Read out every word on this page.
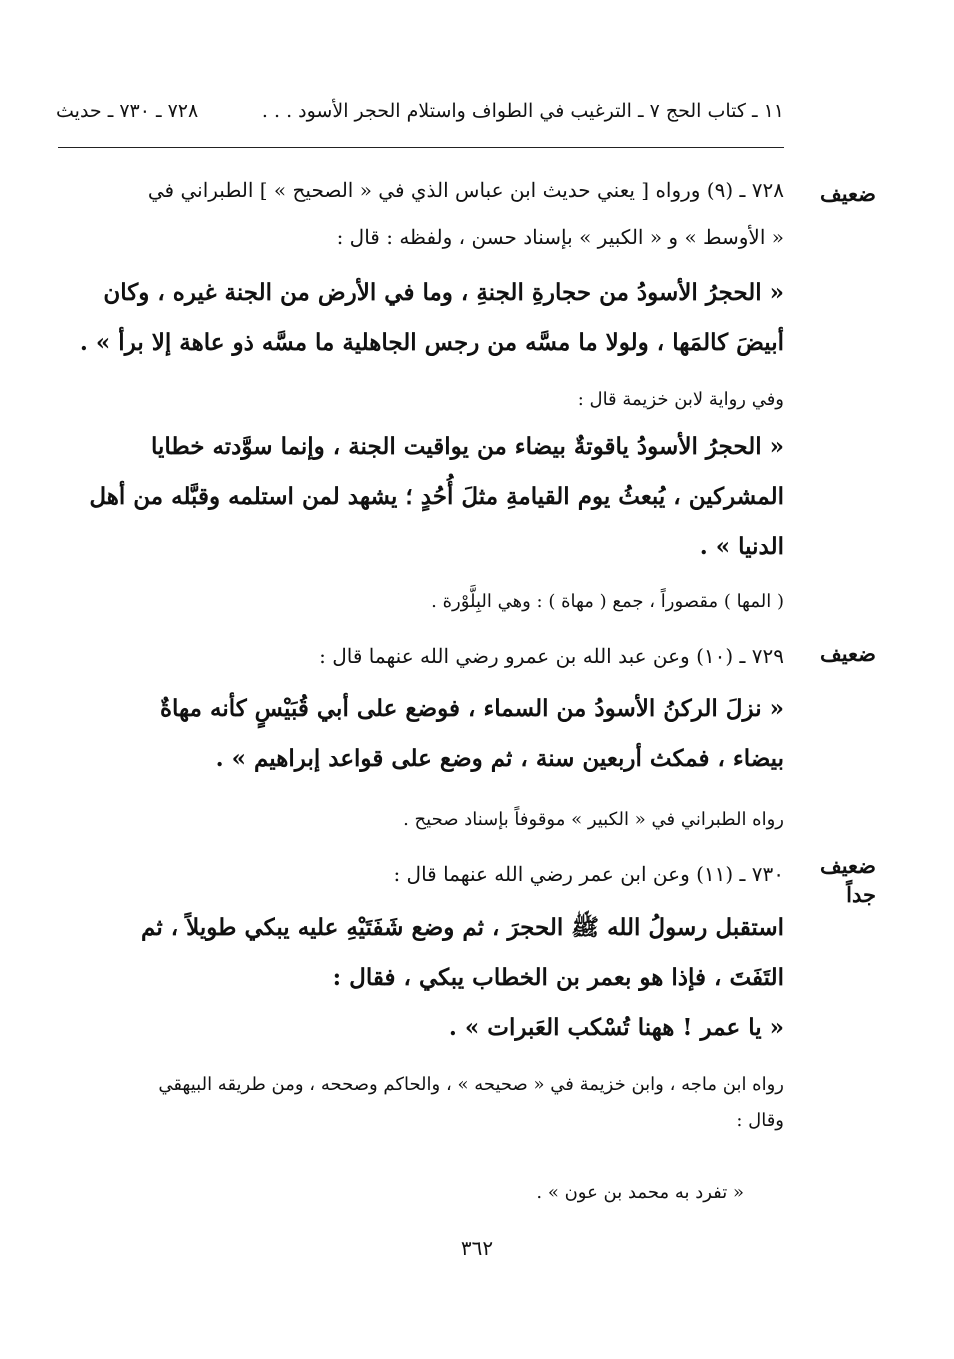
١١ ـ كتاب الحج ٧ ـ الترغيب في الطواف واستلام الحجر الأسود . . .
٧٢٨ ـ ٧٣٠ ـ حديث
ضعيف
٧٢٨ ـ (٩) ورواه [ يعني حديث ابن عباس الذي في « الصحيح » ] الطبراني في
« الأوسط » و « الكبير » بإسناد حسن ، ولفظه : قال :
« الحجرُ الأسودُ من حجارةِ الجنةِ ، وما في الأرض من الجنة غيره ، وكان
أبيضَ كالمَها ، ولولا ما مسَّه من رجس الجاهلية ما مسَّه ذو عاهة إلا برأ » .
وفي رواية لابن خزيمة قال :
« الحجرُ الأسودُ ياقوتةٌ بيضاء من يواقيت الجنة ، وإنما سوَّدته خطايا
المشركين ، يُبعثُ يوم القيامةِ مثلَ أُحُدٍ ؛ يشهد لمن استلمه وقبَّله من أهل
الدنيا » .
( المها ) مقصوراً ، جمع ( مهاة ) : وهي البِلَّوْرة .
ضعيف
٧٢٩ ـ (١٠) وعن عبد الله بن عمرو رضي الله عنهما قال :
« نزلَ الركنُ الأسودُ من السماء ، فوضع على أبي قُبَيْسٍ كأنه مهاةٌ
بيضاء ، فمكث أربعين سنة ، ثم وضع على قواعد إبراهيم » .
رواه الطبراني في « الكبير » موقوفاً بإسناد صحيح .
ضعيف
جداً
٧٣٠ ـ (١١) وعن ابن عمر رضي الله عنهما قال :
استقبل رسولُ الله ﷺ الحجرَ ، ثم وضع شَفَتَيْهِ عليه يبكي طويلاً ، ثم
التَفَتَ ، فإذا هو بعمر بن الخطاب يبكي ، فقال :
« يا عمر ! ههنا تُسْكب العَبرات » .
رواه ابن ماجه ، وابن خزيمة في « صحيحه » ، والحاكم وصححه ، ومن طريقه البيهقي
وقال :
« تفرد به محمد بن عون » .
٣٦٢
